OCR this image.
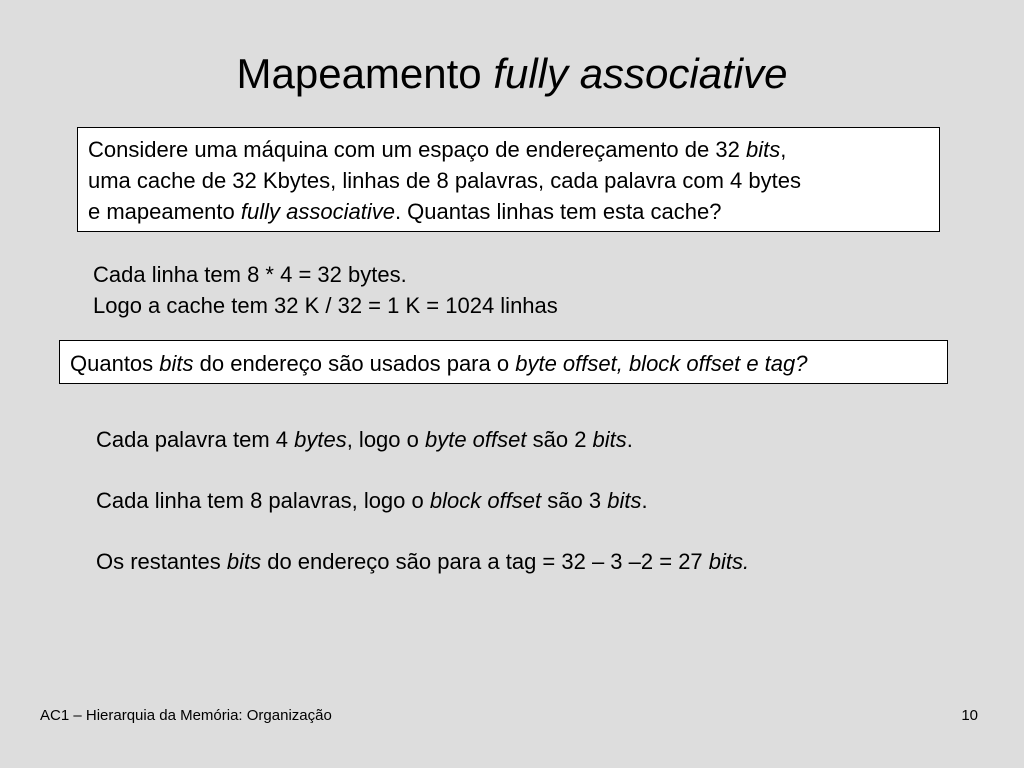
Mapeamento fully associative
Considere uma máquina com um espaço de endereçamento de 32 bits,
uma cache de 32 Kbytes, linhas de 8 palavras, cada palavra com 4 bytes
e mapeamento fully associative. Quantas linhas tem esta cache?
Cada linha tem 8 * 4 = 32 bytes.
Logo a cache tem 32 K / 32 = 1 K = 1024 linhas
Quantos bits do endereço são usados para o byte offset, block offset e tag?
Cada palavra tem 4 bytes, logo o byte offset são 2 bits.
Cada linha tem 8 palavras, logo o block offset são 3 bits.
Os restantes bits do endereço são para a tag = 32 – 3 –2 = 27 bits.
AC1 – Hierarquia da Memória: Organização	10
